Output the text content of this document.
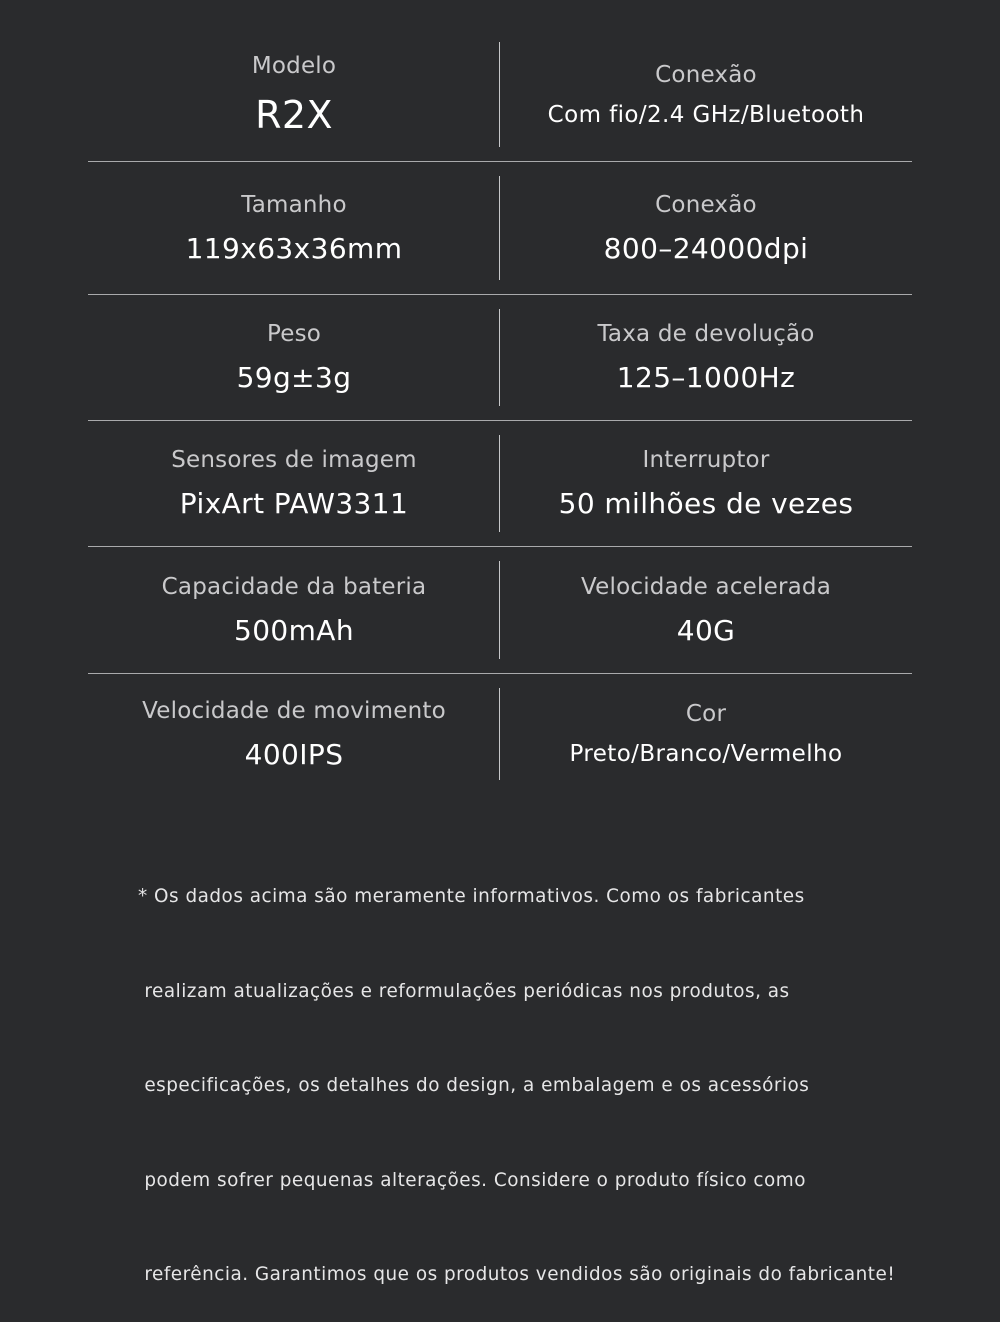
Modelo
R2X
Conexão
Com fio/2.4 GHz/Bluetooth
Tamanho
119x63x36mm
Conexão
800–24000dpi
Peso
59g±3g
Taxa de devolução
125–1000Hz
Sensores de imagem
PixArt PAW3311
Interruptor
50 milhões de vezes
Capacidade da bateria
500mAh
Velocidade acelerada
40G
Velocidade de movimento
400IPS
Cor
Preto/Branco/Vermelho

* Os dados acima são meramente informativos. Como os fabricantes

realizam atualizações e reformulações periódicas nos produtos, as

especificações, os detalhes do design, a embalagem e os acessórios

podem sofrer pequenas alterações. Considere o produto físico como

referência. Garantimos que os produtos vendidos são originais do fabricante!
